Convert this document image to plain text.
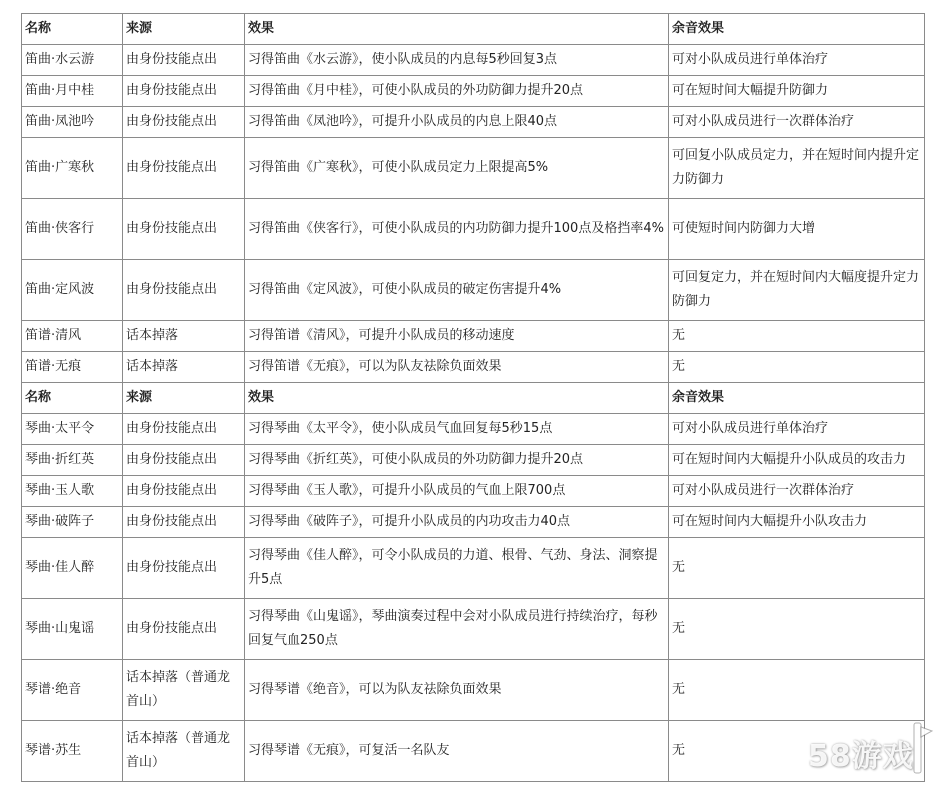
名称	来源	效果	余音效果
笛曲·水云游	由身份技能点出	习得笛曲《水云游》，使小队成员的内息每5秒回复3点	可对小队成员进行单体治疗
笛曲·月中桂	由身份技能点出	习得笛曲《月中桂》，可使小队成员的外功防御力提升20点	可在短时间大幅提升防御力
笛曲·凤池吟	由身份技能点出	习得笛曲《凤池吟》，可提升小队成员的内息上限40点	可对小队成员进行一次群体治疗
笛曲·广寒秋	由身份技能点出	习得笛曲《广寒秋》，可使小队成员定力上限提高5%	可回复小队成员定力，并在短时间内提升定力防御力
笛曲·侠客行	由身份技能点出	习得笛曲《侠客行》，可使小队成员的内功防御力提升100点及格挡率4%	可使短时间内防御力大增
笛曲·定风波	由身份技能点出	习得笛曲《定风波》，可使小队成员的破定伤害提升4%	可回复定力，并在短时间内大幅度提升定力防御力
笛谱·清风	话本掉落	习得笛谱《清风》，可提升小队成员的移动速度	无
笛谱·无痕	话本掉落	习得笛谱《无痕》，可以为队友祛除负面效果	无
名称	来源	效果	余音效果
琴曲·太平令	由身份技能点出	习得琴曲《太平令》，使小队成员气血回复每5秒15点	可对小队成员进行单体治疗
琴曲·折红英	由身份技能点出	习得琴曲《折红英》，可使小队成员的外功防御力提升20点	可在短时间内大幅提升小队成员的攻击力
琴曲·玉人歌	由身份技能点出	习得琴曲《玉人歌》，可提升小队成员的气血上限700点	可对小队成员进行一次群体治疗
琴曲·破阵子	由身份技能点出	习得琴曲《破阵子》，可提升小队成员的内功攻击力40点	可在短时间内大幅提升小队攻击力
琴曲·佳人醉	由身份技能点出	习得琴曲《佳人醉》，可令小队成员的力道、根骨、气劲、身法、洞察提升5点	无
琴曲·山鬼谣	由身份技能点出	习得琴曲《山鬼谣》，琴曲演奏过程中会对小队成员进行持续治疗，每秒回复气血250点	无
琴谱·绝音	话本掉落（普通龙首山）	习得琴谱《绝音》，可以为队友祛除负面效果	无
琴谱·苏生	话本掉落（普通龙首山）	习得琴谱《无痕》，可复活一名队友	无	58游戏
